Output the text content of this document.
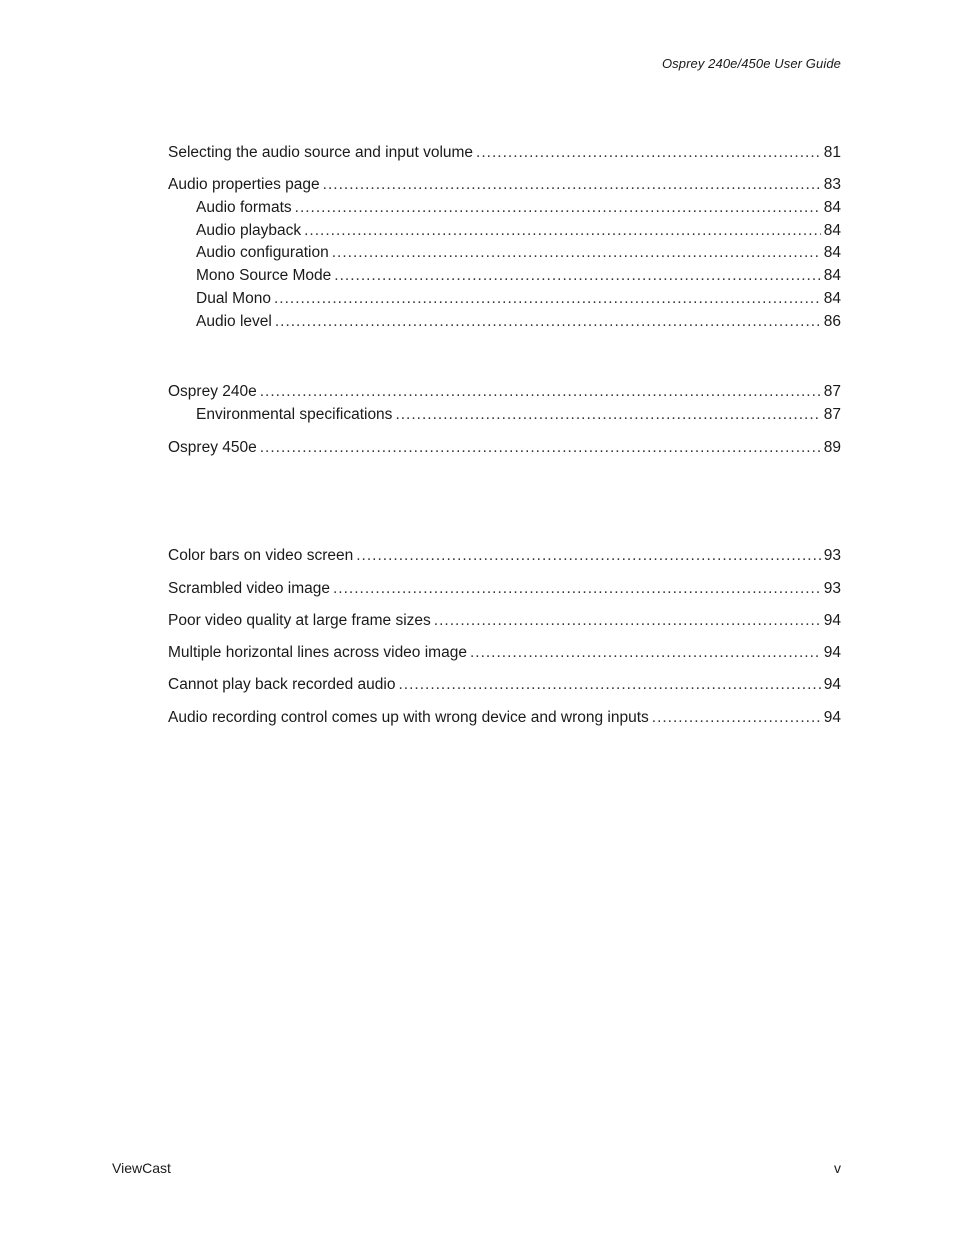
Osprey 240e/450e User Guide
Selecting the audio source and input volume .....	81
Audio properties page .....	83
Audio formats .....	84
Audio playback .....	84
Audio configuration .....	84
Mono Source Mode .....	84
Dual Mono .....	84
Audio level .....	86
Osprey 240e .....	87
Environmental specifications .....	87
Osprey 450e .....	89
Color bars on video screen .....	93
Scrambled video image .....	93
Poor video quality at large frame sizes .....	94
Multiple horizontal lines across video image .....	94
Cannot play back recorded audio .....	94
Audio recording control comes up with wrong device and wrong inputs .....	94
ViewCast	v
